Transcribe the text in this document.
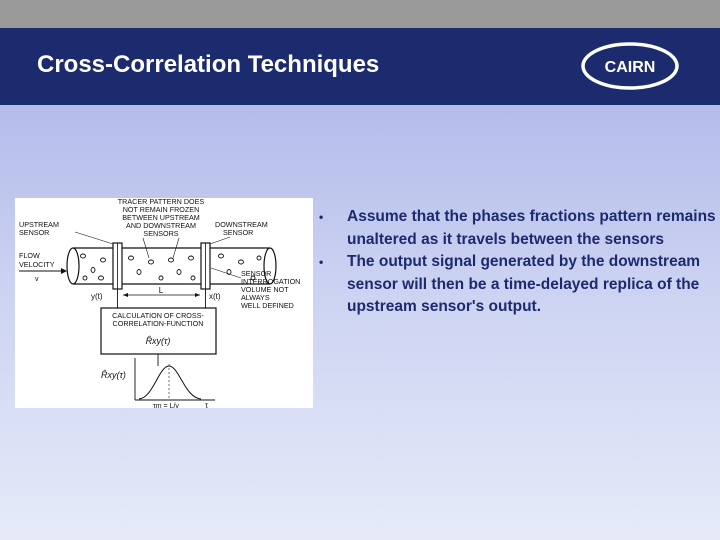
Cross-Correlation Techniques	CAIRN
TRACER PATTERN DOES
NOT REMAIN FROZEN
BETWEEN UPSTREAM
AND DOWNSTREAM
SENSORS
UPSTREAM
SENSOR
DOWNSTREAM
SENSOR
FLOW
VELOCITY
v
SENSOR
INTERROGATION
VOLUME NOT
ALWAYS
WELL DEFINED
y(t)	x(t)
L
CALCULATION OF CROSS-
CORRELATION-FUNCTION
R̂xy(τ)
R̂xy(τ)
τm = L/v	τ
•	Assume that the phases fractions pattern remains unaltered as it travels between the sensors
•	The output signal generated by the downstream sensor will then be a time-delayed replica of the upstream sensor's output.
